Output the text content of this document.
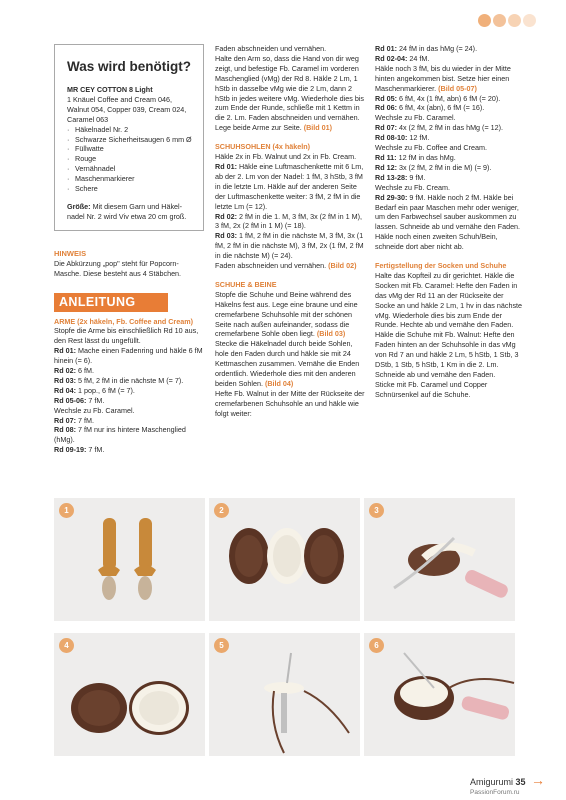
Was wird benötigt?
MR CEY COTTON 8 Light
1 Knäuel Coffee and Cream 046,
Walnut 054, Copper 039, Cream 024,
Caramel 063
· Häkelnadel Nr. 2
· Schwarze Sicherheitsaugen 6 mm Ø
· Füllwatte
· Rouge
· Vernähnadel
· Maschenmarkierer
· Schere

Größe: Mit diesem Garn und Häkel-nadel Nr. 2 wird Viv etwa 20 cm groß.

HINWEIS

Die Abkürzung „pop" steht für Popcorn-Masche. Diese besteht aus 4 Stäbchen.

ANLEITUNG
ARME (2x häkeln, Fb. Coffee and Cream)

Stopfe die Arme bis einschließlich Rd 10 aus, den Rest lässt du ungefüllt.

Rd 01: Mache einen Fadenring und häkle 6 fM hinein (= 6).

Rd 02: 6 fM.

Rd 03: 5 fM, 2 fM in die nächste M (= 7).

Rd 04: 1 pop., 6 fM (= 7).

Rd 05-06: 7 fM.

Wechsle zu Fb. Caramel.

Rd 07: 7 fM.

Rd 08: 7 fM nur ins hintere Maschenglied (hMg).

Rd 09-19: 7 fM.

Faden abschneiden und vernähen.

Halte den Arm so, dass die Hand von dir weg zeigt, und befestige Fb. Caramel im vorderen Maschenglied (vMg) der Rd 8. Häkle 2 Lm, 1 hStb in dasselbe vMg wie die 2 Lm, dann 2 hStb in jedes weitere vMg. Wiederhole dies bis zum Ende der Runde, schließe mit 1 Kettm in die 2. Lm. Faden abschneiden und vernähen. Lege beide Arme zur Seite. (Bild 01)

SCHUHSOHLEN (4x häkeln)

Häkle 2x in Fb. Walnut und 2x in Fb. Cream.

Rd 01: Häkle eine Luftmaschenkette mit 6 Lm, ab der 2. Lm von der Nadel: 1 fM, 3 hStb, 3 fM in die letzte Lm. Häkle auf der anderen Seite der Luftmaschenkette weiter: 3 fM, 2 fM in die letzte Lm (= 12).

Rd 02: 2 fM in die 1. M, 3 fM, 3x (2 fM in 1 M), 3 fM, 2x (2 fM in 1 M) (= 18).

Rd 03: 1 fM, 2 fM in die nächste M, 3 fM, 3x (1 fM, 2 fM in die nächste M), 3 fM, 2x (1 fM, 2 fM in die nächste M) (= 24).

Faden abschneiden und vernähen. (Bild 02)

SCHUHE & BEINE

Stopfe die Schuhe und Beine während des Häkelns fest aus. Lege eine braune und eine cremefarbene Schuhsohle mit der schönen Seite nach außen aufeinander, sodass die cremefarbene Sohle oben liegt. (Bild 03) Stecke die Häkelnadel durch beide Sohlen, hole den Faden durch und häkle sie mit 24 Kettmaschen zusammen. Vernähe die Enden ordentlich. Wiederhole dies mit den anderen beiden Sohlen. (Bild 04)

Hefte Fb. Walnut in der Mitte der Rückseite der cremefarbenen Schuhsohle an und häkle wie folgt weiter:

Rd 01: 24 fM in das hMg (= 24).

Rd 02-04: 24 fM.

Häkle noch 3 fM, bis du wieder in der Mitte hinten angekommen bist. Setze hier einen Maschenmarkierer. (Bild 05-07)

Rd 05: 6 fM, 4x (1 fM, abn) 6 fM (= 20).

Rd 06: 6 fM, 4x (abn), 6 fM (= 16).

Wechsle zu Fb. Caramel.

Rd 07: 4x (2 fM, 2 fM in das hMg (= 12).

Rd 08-10: 12 fM.

Wechsle zu Fb. Coffee and Cream.

Rd 11: 12 fM in das hMg.

Rd 12: 3x (2 fM, 2 fM in die M) (= 9).

Rd 13-28: 9 fM.

Wechsle zu Fb. Cream.

Rd 29-30: 9 fM. Häkle noch 2 fM. Häkle bei Bedarf ein paar Maschen mehr oder weniger, um den Farbwechsel sauber auskommen zu lassen. Schneide ab und vernähe den Faden. Häkle noch einen zweiten Schuh/Bein, schneide dort aber nicht ab.

Fertigstellung der Socken und Schuhe

Halte das Kopfteil zu dir gerichtet. Häkle die Socken mit Fb. Caramel: Hefte den Faden in das vMg der Rd 11 an der Rückseite der Socke an und häkle 2 Lm, 1 hv in das nächste vMg. Wiederhole dies bis zum Ende der Runde. Hechte ab und vernähe den Faden.

Häkle die Schuhe mit Fb. Walnut: Hefte den Faden hinten an der Schuhsohle in das vMg von Rd 7 an und häkle 2 Lm, 5 hStb, 1 Stb, 3 DStb, 1 Stb, 5 hStb, 1 Km in die 2. Lm. Schneide ab und vernähe den Faden.

Sticke mit Fb. Caramel und Copper Schnürsenkel auf die Schuhe.

1	2	3
4	5	6
→
Amigurumi 35
PassionForum.ru
